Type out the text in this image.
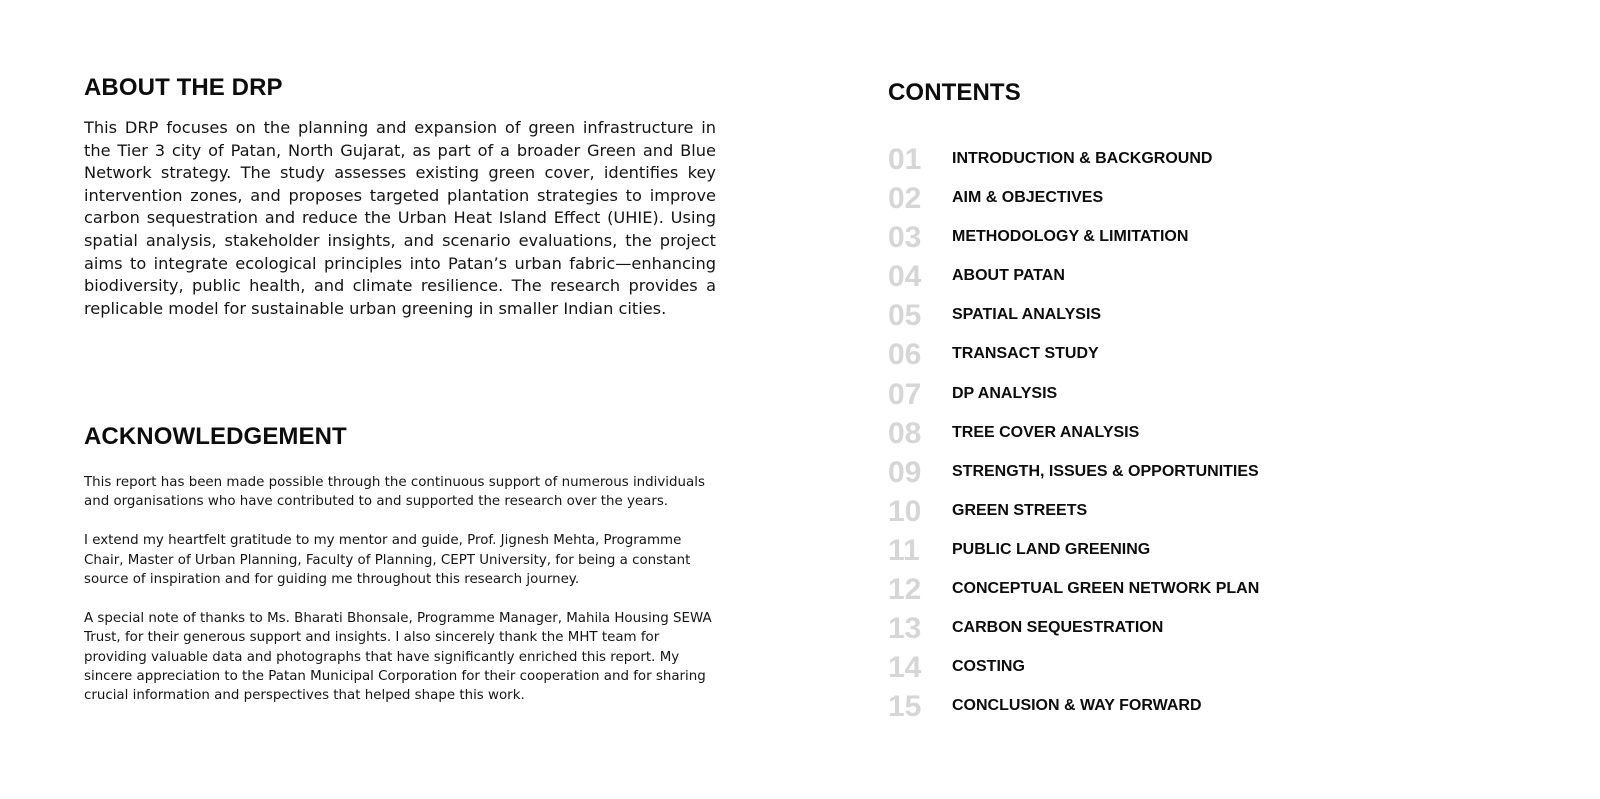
ABOUT THE DRP

This DRP focuses on the planning and expansion of green infrastructure in the Tier 3 city of Patan, North Gujarat, as part of a broader Green and Blue Network strategy. The study assesses existing green cover, identifies key intervention zones, and proposes targeted plantation strategies to improve carbon sequestration and reduce the Urban Heat Island Effect (UHIE). Using spatial analysis, stakeholder insights, and scenario evaluations, the project aims to integrate ecological principles into Patan’s urban fabric—enhancing biodiversity, public health, and climate resilience. The research provides a replicable model for sustainable urban greening in smaller Indian cities.

ACKNOWLEDGEMENT

This report has been made possible through the continuous support of numerous individuals and organisations who have contributed to and supported the research over the years.

I extend my heartfelt gratitude to my mentor and guide, Prof. Jignesh Mehta, Programme Chair, Master of Urban Planning, Faculty of Planning, CEPT University, for being a constant source of inspiration and for guiding me throughout this research journey.

A special note of thanks to Ms. Bharati Bhonsale, Programme Manager, Mahila Housing SEWA Trust, for their generous support and insights. I also sincerely thank the MHT team for providing valuable data and photographs that have significantly enriched this report. My sincere appreciation to the Patan Municipal Corporation for their cooperation and for sharing crucial information and perspectives that helped shape this work.

CONTENTS
01 INTRODUCTION & BACKGROUND
02 AIM & OBJECTIVES
03 METHODOLOGY & LIMITATION
04 ABOUT PATAN
05 SPATIAL ANALYSIS
06 TRANSACT STUDY
07 DP ANALYSIS
08 TREE COVER ANALYSIS
09 STRENGTH, ISSUES & OPPORTUNITIES
10 GREEN STREETS
11 PUBLIC LAND GREENING
12 CONCEPTUAL GREEN NETWORK PLAN
13 CARBON SEQUESTRATION
14 COSTING
15 CONCLUSION & WAY FORWARD
